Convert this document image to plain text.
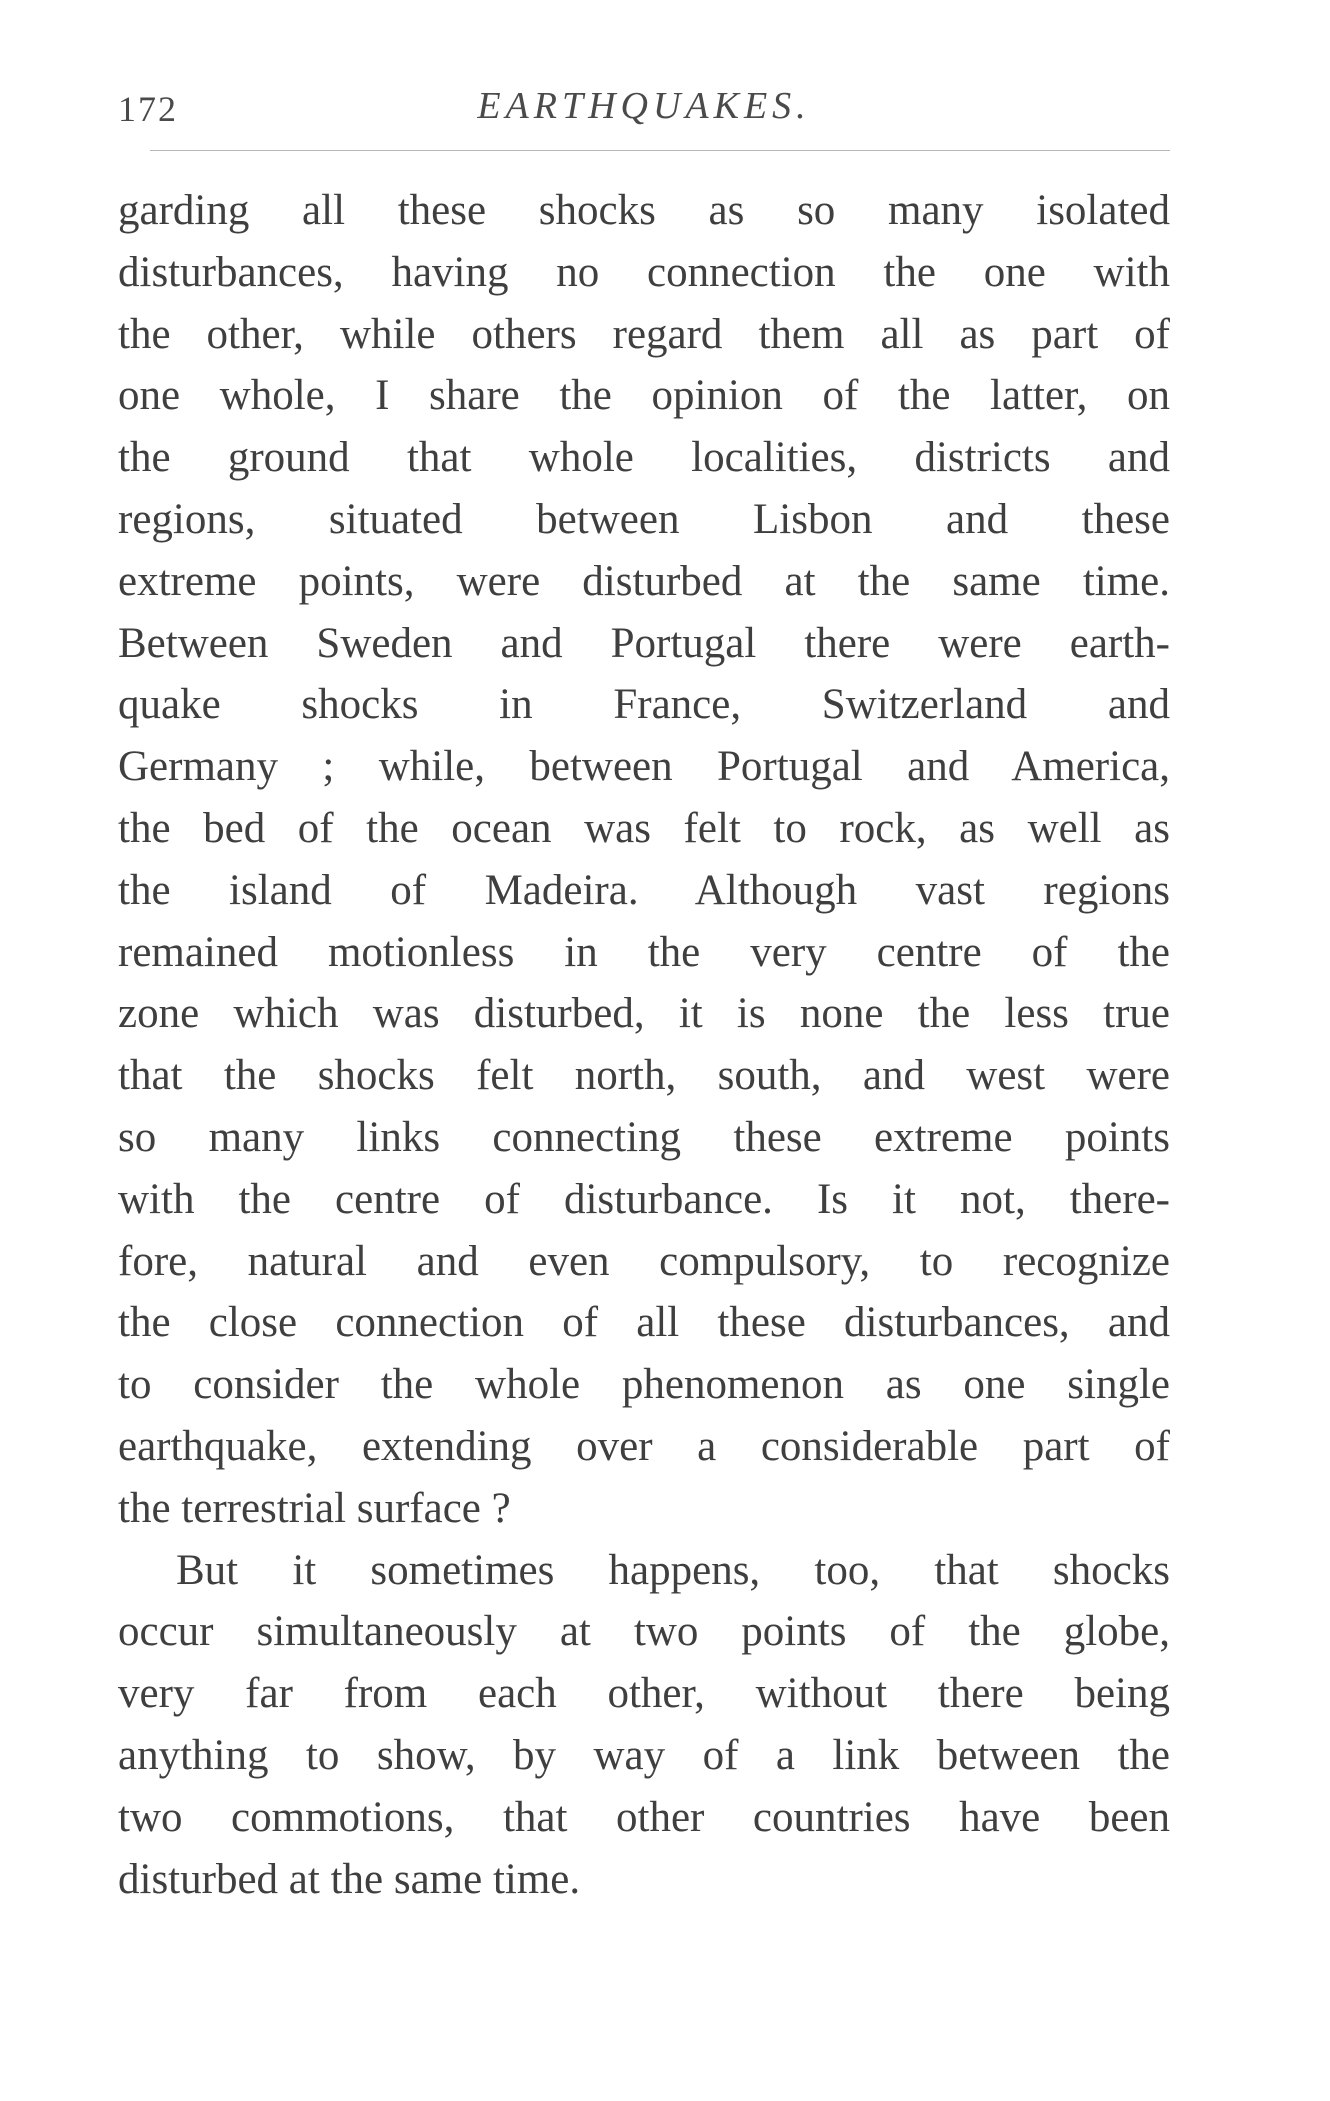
172	EARTHQUAKES.
garding all these shocks as so many isolated
disturbances, having no connection the one with
the other, while others regard them all as part of
one whole, I share the opinion of the latter, on
the ground that whole localities, districts and
regions, situated between Lisbon and these
extreme points, were disturbed at the same time.
Between Sweden and Portugal there were earth-
quake shocks in France, Switzerland and
Germany ; while, between Portugal and America,
the bed of the ocean was felt to rock, as well as
the island of Madeira. Although vast regions
remained motionless in the very centre of the
zone which was disturbed, it is none the less true
that the shocks felt north, south, and west were
so many links connecting these extreme points
with the centre of disturbance. Is it not, there-
fore, natural and even compulsory, to recognize
the close connection of all these disturbances, and
to consider the whole phenomenon as one single
earthquake, extending over a considerable part of
the terrestrial surface ?
But it sometimes happens, too, that shocks
occur simultaneously at two points of the globe,
very far from each other, without there being
anything to show, by way of a link between the
two commotions, that other countries have been
disturbed at the same time.
